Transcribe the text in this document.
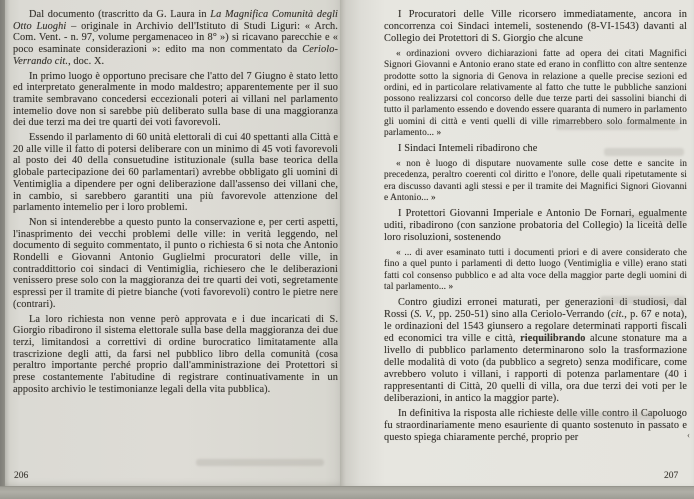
Dal documento (trascritto da G. Laura in La Magnifica Comunità degli Otto Luoghi – originale in Archivio dell'Istituto di Studi Liguri: « Arch. Com. Vent. - n. 97, volume pergamenaceo in 8° ») si ricavano parecchie e « poco esaminate considerazioni »: edito ma non commentato da Ceriolo-Verrando cit., doc. X.

In primo luogo è opportuno precisare che l'atto del 7 Giugno è stato letto ed interpretato generalmente in modo maldestro; apparentemente per il suo tramite sembravano concedersi eccezionali poteri ai villani nel parlamento intemelio dove non si sarebbe più deliberato sulla base di una maggioranza dei due terzi ma dei tre quarti dei voti favorevoli.

Essendo il parlamento di 60 unità elettorali di cui 40 spettanti alla Città e 20 alle ville il fatto di potersi deliberare con un minimo di 45 voti favorevoli al posto dei 40 della consuetudine istituzionale (sulla base teorica della globale partecipazione dei 60 parlamentari) avrebbe obbligato gli uomini di Ventimiglia a dipendere per ogni deliberazione dall'assenso dei villani che, in cambio, si sarebbero garantiti una più favorevole attenzione del parlamento intemelio per i loro problemi.

Non si intenderebbe a questo punto la conservazione e, per certi aspetti, l'inasprimento dei vecchi problemi delle ville: in verità leggendo, nel documento di seguito commentato, il punto o richiesta 6 si nota che Antonio Rondelli e Giovanni Antonio Guglielmi procuratori delle ville, in contraddittorio coi sindaci di Ventimiglia, richiesero che le deliberazioni venissero prese solo con la maggioranza dei tre quarti dei voti, segretamente espressi per il tramite di pietre bianche (voti favorevoli) contro le pietre nere (contrari).

La loro richiesta non venne però approvata e i due incaricati di S. Giorgio ribadirono il sistema elettorale sulla base della maggioranza dei due terzi, limitandosi a correttivi di ordine burocratico limitatamente alla trascrizione degli atti, da farsi nel pubblico libro della comunità (cosa peraltro importante perché proprio dall'amministrazione dei Protettori si prese costantemente l'abitudine di registrare continuativamente in un apposito archivio le testimonianze legali della vita pubblica).

I Procuratori delle Ville ricorsero immediatamente, ancora in concorrenza coi Sindaci intemeli, sostenendo (8-VI-1543) davanti al Collegio dei Protettori di S. Giorgio che alcune

« ordinazioni ovvero dichiarazioni fatte ad opera dei citati Magnifici Signori Giovanni e Antonio erano state ed erano in conflitto con altre sentenze prodotte sotto la signoria di Genova in relazione a quelle precise sezioni ed ordini, ed in particolare relativamente al fatto che tutte le pubbliche sanzioni possono realizzarsi col concorso delle due terze parti dei sassolini bianchi di tutto il parlamento essendo e dovendo essere quaranta di numero in parlamento gli uomini di città e venti quelli di ville rimarrebbero solo formalmente in parlamento... »

I Sindaci Intemeli ribadirono che

« non è luogo di disputare nuovamente sulle cose dette e sancite in precedenza, peraltro coerenti col diritto e l'onore, delle quali ripetutamente si era discusso davanti agli stessi e per il tramite dei Magnifici Signori Giovanni e Antonio... »

I Protettori Giovanni Imperiale e Antonio De Fornari, egualmente uditi, ribadirono (con sanzione probatoria del Collegio) la liceità delle loro risoluzioni, sostenendo

« ... di aver esaminato tutti i documenti priori e di avere considerato che fino a quel punto i parlamenti di detto luogo (Ventimiglia e ville) erano stati fatti col consenso pubblico e ad alta voce della maggior parte degli uomini di tal parlamento... »

Contro giudizi erronei maturati, per generazioni di studiosi, dal Rossi (S. V., pp. 250-51) sino alla Ceriolo-Verrando (cit., p. 67 e nota), le ordinazioni del 1543 giunsero a regolare determinati rapporti fiscali ed economici tra ville e città, riequilibrando alcune stonature ma a livello di pubblico parlamento determinarono solo la trasformazione delle modalità di voto (da pubblico a segreto) senza modificare, come avrebbero voluto i villani, i rapporti di potenza parlamentare (40 i rappresentanti di Città, 20 quelli di villa, ora due terzi dei voti per le deliberazioni, in antico la maggior parte).

In definitiva la risposta alle richieste delle ville contro il Capoluogo fu straordinariamente meno esauriente di quanto sostenuto in passato e questo spiega chiaramente perché, proprio per

206	207
‹
